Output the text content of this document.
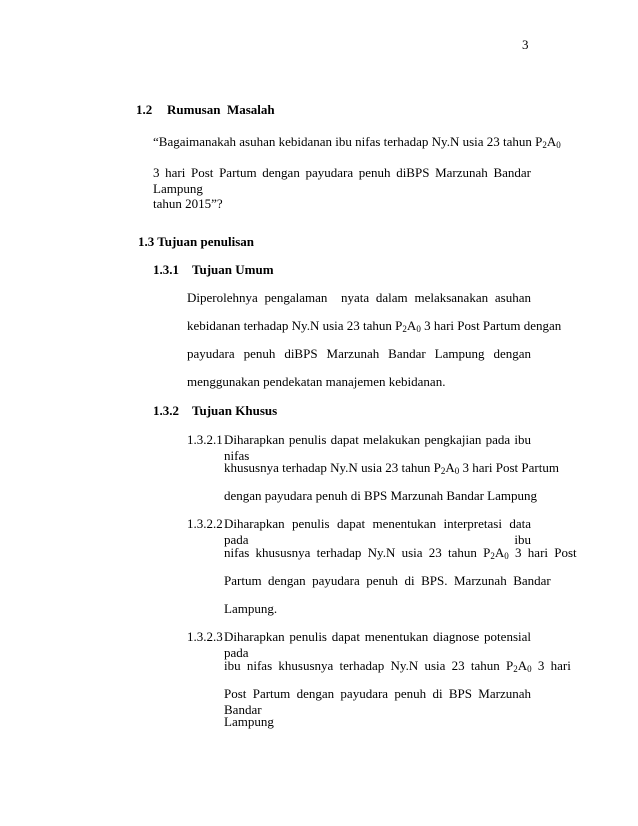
3
1.2 Rumusan  Masalah
“Bagaimanakah asuhan kebidanan ibu nifas terhadap Ny.N usia 23 tahun $P_2A_0$
3 hari Post Partum dengan payudara penuh diBPS Marzunah Bandar Lampung
tahun 2015”?
1.3 Tujuan penulisan
1.3.1 Tujuan Umum
Diperolehnya  pengalaman    nyata  dalam  melaksanakan  asuhan
kebidanan terhadap Ny.N usia 23 tahun $P_2A_0$ 3 hari Post Partum dengan
payudara  penuh  diBPS  Marzunah  Bandar  Lampung  dengan
menggunakan pendekatan manajemen kebidanan.
1.3.2 Tujuan Khusus
1.3.2.1 Diharapkan penulis dapat melakukan pengkajian pada ibu nifas
khususnya terhadap Ny.N usia 23 tahun $P_2A_0$ 3 hari Post Partum
dengan payudara penuh di BPS Marzunah Bandar Lampung
1.3.2.2 Diharapkan penulis dapat menentukan interpretasi data pada ibu
nifas khususnya terhadap Ny.N usia 23 tahun $P_2A_0$ 3 hari Post
Partum  dengan  payudara  penuh  di  BPS.  Marzunah  Bandar
Lampung.
1.3.2.3 Diharapkan penulis dapat menentukan diagnose potensial pada
ibu nifas khususnya terhadap Ny.N usia 23 tahun $P_2A_0$ 3 hari
Post Partum dengan payudara penuh di BPS Marzunah Bandar
Lampung
